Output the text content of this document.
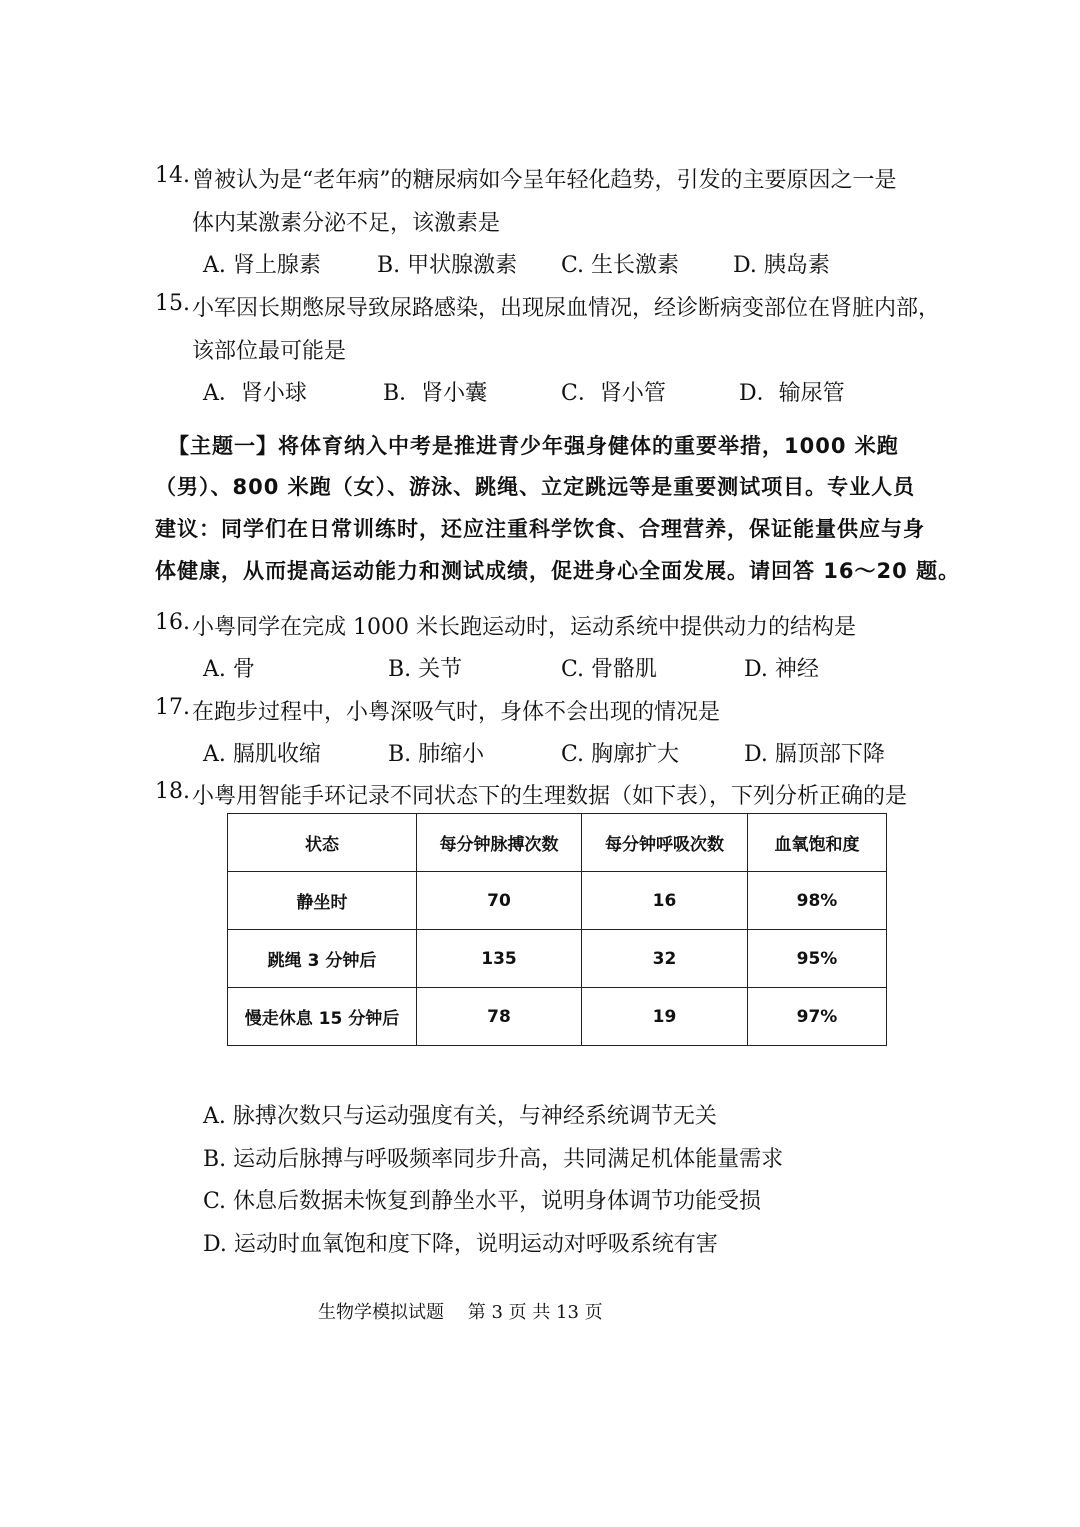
14. 曾被认为是“老年病”的糖尿病如今呈年轻化趋势，引发的主要原因之一是
体内某激素分泌不足，该激素是
A. 肾上腺素	B. 甲状腺激素 C. 生长激素 D. 胰岛素
15. 小军因长期憋尿导致尿路感染，出现尿血情况，经诊断病变部位在肾脏内部，
该部位最可能是
A．肾小球	B．肾小囊	C．肾小管	D．输尿管
【主题一】将体育纳入中考是推进青少年强身健体的重要举措，1000 米跑
（男）、800 米跑（女）、游泳、跳绳、立定跳远等是重要测试项目。专业人员
建议：同学们在日常训练时，还应注重科学饮食、合理营养，保证能量供应与身
体健康，从而提高运动能力和测试成绩，促进身心全面发展。请回答 16～20 题。
16. 小粤同学在完成 1000 米长跑运动时，运动系统中提供动力的结构是
A. 骨	B. 关节	C. 骨骼肌	D. 神经
17. 在跑步过程中，小粤深吸气时，身体不会出现的情况是
A. 膈肌收缩	B. 肺缩小	C. 胸廓扩大	D. 膈顶部下降
18. 小粤用智能手环记录不同状态下的生理数据（如下表），下列分析正确的是
状态	每分钟脉搏次数	每分钟呼吸次数	血氧饱和度
静坐时	70	16	98%
跳绳 3 分钟后	135	32	95%
慢走休息 15 分钟后	78	19	97%
A. 脉搏次数只与运动强度有关，与神经系统调节无关
B. 运动后脉搏与呼吸频率同步升高，共同满足机体能量需求
C. 休息后数据未恢复到静坐水平，说明身体调节功能受损
D. 运动时血氧饱和度下降，说明运动对呼吸系统有害
生物学模拟试题　 第 3 页 共 13 页
